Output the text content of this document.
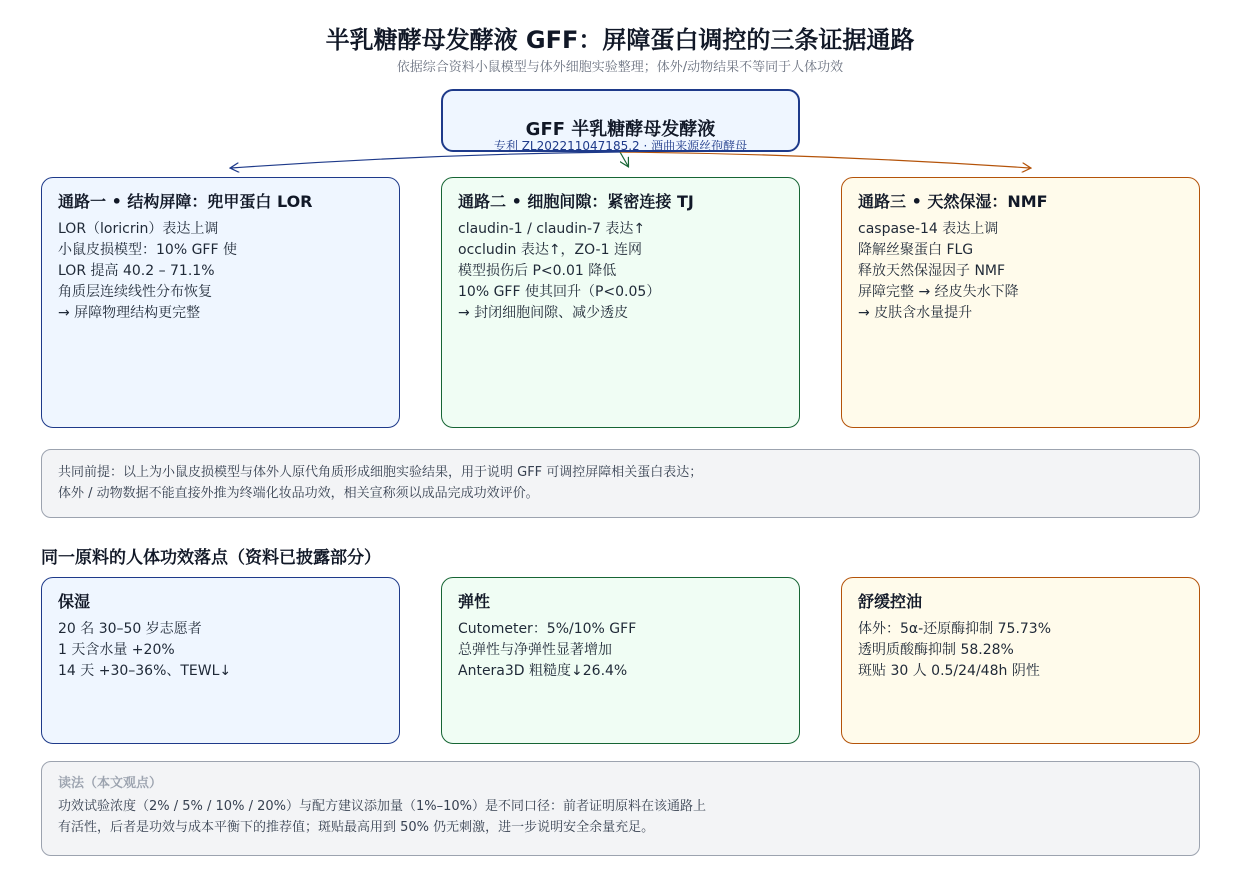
半乳糖酵母发酵液 GFF：屏障蛋白调控的三条证据通路
依据综合资料小鼠模型与体外细胞实验整理；体外/动物结果不等同于人体功效
GFF 半乳糖酵母发酵液
专利 ZL202211047185.2 · 酒曲来源丝孢酵母
通路一 • 结构屏障：兜甲蛋白 LOR
LOR（loricrin）表达上调
小鼠皮损模型：10% GFF 使
LOR 提高 40.2 – 71.1%
角质层连续线性分布恢复
→ 屏障物理结构更完整
通路二 • 细胞间隙：紧密连接 TJ
claudin-1 / claudin-7 表达↑
occludin 表达↑，ZO-1 连网
模型损伤后 P<0.01 降低
10% GFF 使其回升（P<0.05）
→ 封闭细胞间隙、减少透皮
通路三 • 天然保湿：NMF
caspase-14 表达上调
降解丝聚蛋白 FLG
释放天然保湿因子 NMF
屏障完整 → 经皮失水下降
→ 皮肤含水量提升
共同前提：以上为小鼠皮损模型与体外人原代角质形成细胞实验结果，用于说明 GFF 可调控屏障相关蛋白表达；
体外 / 动物数据不能直接外推为终端化妆品功效，相关宣称须以成品完成功效评价。
同一原料的人体功效落点（资料已披露部分）
保湿
20 名 30–50 岁志愿者
1 天含水量 +20%
14 天 +30–36%、TEWL↓
弹性
Cutometer：5%/10% GFF
总弹性与净弹性显著增加
Antera3D 粗糙度↓26.4%
舒缓控油
体外：5α-还原酶抑制 75.73%
透明质酸酶抑制 58.28%
斑贴 30 人 0.5/24/48h 阴性
读法（本文观点）
功效试验浓度（2% / 5% / 10% / 20%）与配方建议添加量（1%–10%）是不同口径：前者证明原料在该通路上
有活性，后者是功效与成本平衡下的推荐值；斑贴最高用到 50% 仍无刺激，进一步说明安全余量充足。
